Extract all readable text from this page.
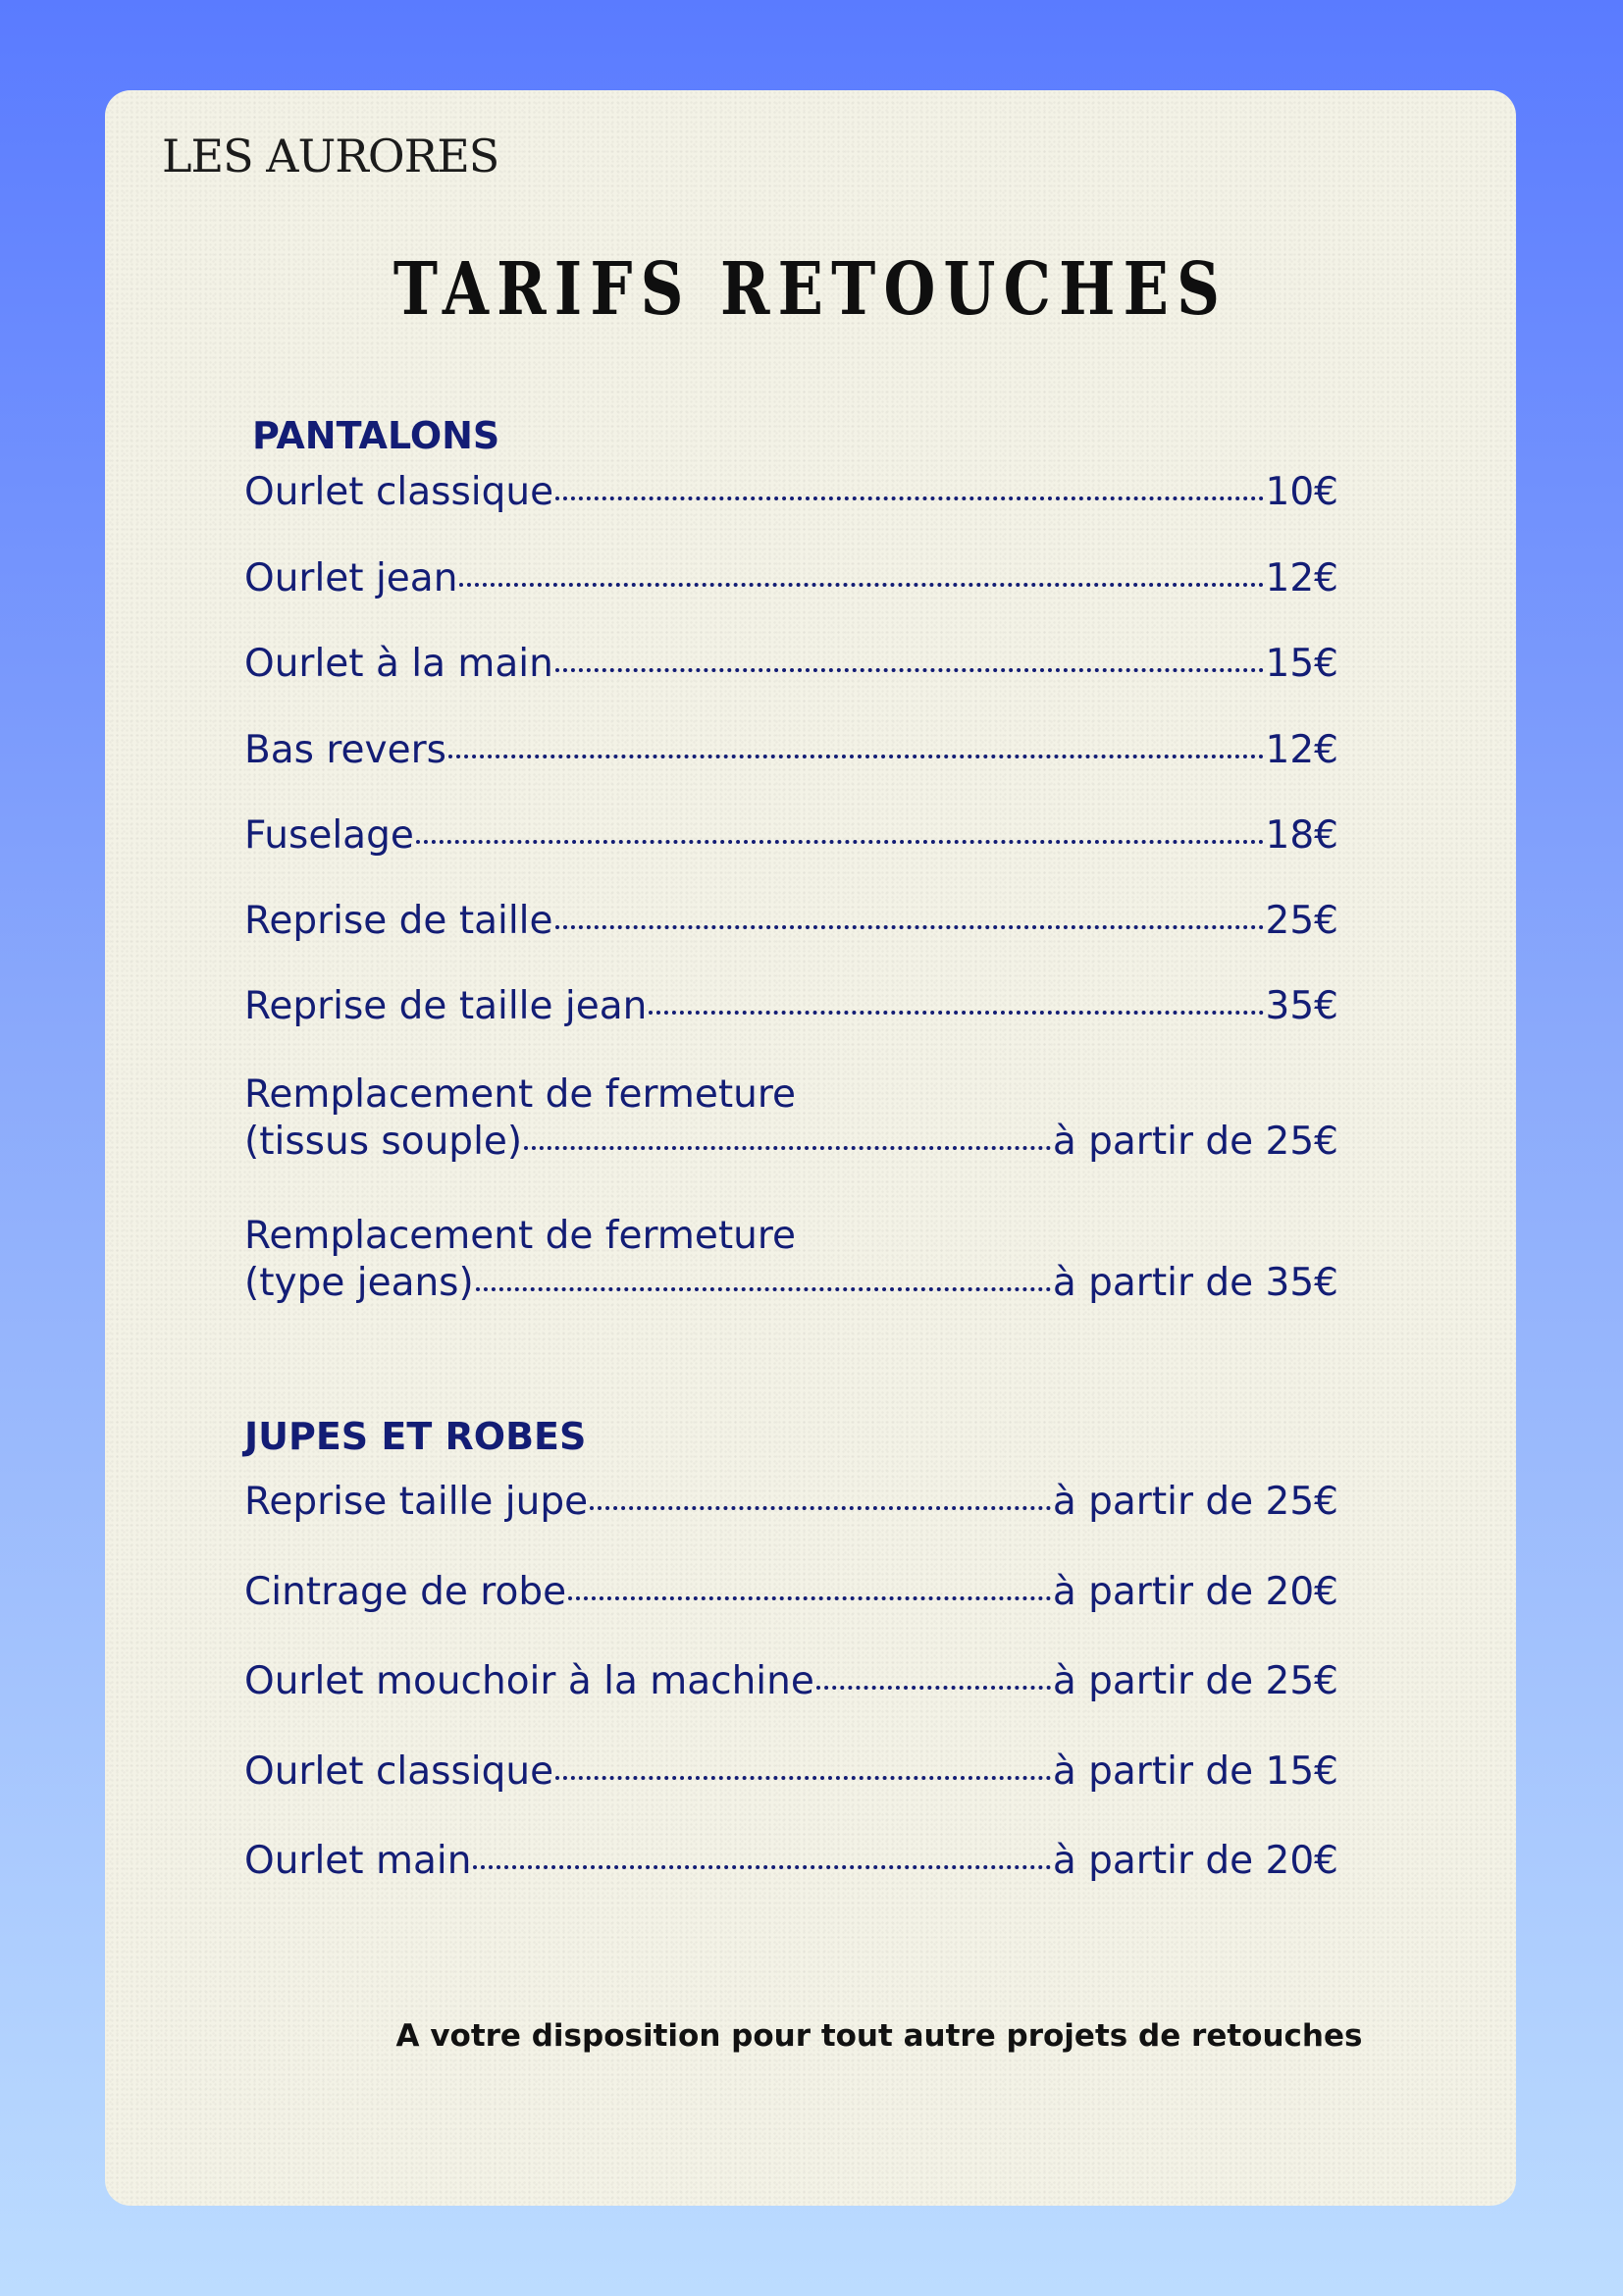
LES AURORES
TARIFS RETOUCHES
PANTALONS
Ourlet classique	10€
Ourlet jean	12€
Ourlet à la main	15€
Bas revers	12€
Fuselage	18€
Reprise de taille	25€
Reprise de taille jean	35€
Remplacement de fermeture
(tissus souple)	à partir de 25€
Remplacement de fermeture
(type jeans)	à partir de 35€
JUPES ET ROBES
Reprise taille jupe	à partir de 25€
Cintrage de robe	à partir de 20€
Ourlet mouchoir à la machine	à partir de 25€
Ourlet classique	à partir de 15€
Ourlet main	à partir de 20€
A votre disposition pour tout autre projets de retouches
